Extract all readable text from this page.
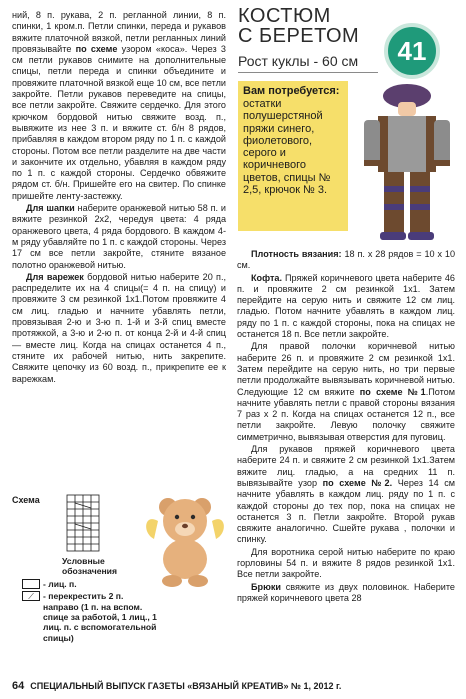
ний, 8 п. рукава, 2 п. регланной линии, 8 п. спинки, 1 кром.п. Петли спинки, переда и рукавов вяжите платочной вязкой, петли регланных линий провязывайте по схеме узором «коса». Через 3 см петли рукавов снимите на дополнительные спицы, петли переда и спинки объедините и провяжите платочной вязкой еще 10 см, все петли закройте. Петли рукавов переведите на спицы, все петли закройте. Свяжите сердечко. Для этого крючком бордовой нитью свяжите возд. п., вывяжите из нее 3 п. и вяжите ст. б/н 8 рядов, прибавляя в каждом втором ряду по 1 п. с каждой стороны. Потом все петли разделите на две части и закончите их отдельно, убавляя в каждом ряду по 1 п. с каждой стороны. Сердечко обвяжите рядом ст. б/н. Пришейте его на свитер. По спинке пришейте ленту-застежку.

Для шапки наберите оранжевой нитью 58 п. и вяжите резинкой 2х2, чередуя цвета: 4 ряда оранжевого цвета, 4 ряда бордового. В каждом 4-м ряду убавляйте по 1 п. с каждой стороны. Через 17 см все петли закройте, стяните вязаное полотно оранжевой нитью.

Для варежек бордовой нитью наберите 20 п., распределите их на 4 спицы(= 4 п. на спицу) и провяжите 3 см резинкой 1х1.Потом провяжите 4 см лиц. гладью и начните убавлять петли, провязывая 2-ю и 3-ю п. 1-й и 3-й спиц вместе протяжкой, а 3-ю и 2-ю п. от конца 2-й и 4-й спиц — вместе лиц. Когда на спицах останется 4 п., стяните их рабочей нитью, нить закрепите. Свяжите цепочку из 60 возд. п., прикрепите ее к варежкам.

КОСТЮМ
С БЕРЕТОМ
Рост куклы - 60 см	41
Вам потребуется:
остатки полушерстяной пряжи синего, фиолетового, серого и коричневого цветов, спицы № 2,5, крючок № 3.

Плотность вязания: 18 п. x 28 рядов = 10 x 10 см.

Кофта. Пряжей коричневого цвета наберите 46 п. и провяжите 2 см резинкой 1х1. Затем перейдите на серую нить и свяжите 12 см лиц. гладью. Потом начните убавлять в каждом лиц. ряду по 1 п. с каждой стороны, пока на спицах не останется 18 п. Все петли закройте.

Для правой полочки коричневой нитью наберите 26 п. и провяжите 2 см резинкой 1х1. Затем перейдите на серую нить, но три первые петли продолжайте вывязывать коричневой нитью. Следующие 12 см вяжите по схеме №1.Потом начните убавлять петли с правой стороны вязания 7 раз x 2 п. Когда на спицах останется 12 п., все петли закройте. Левую полочку свяжите симметрично, вывязывая отверстия для пуговиц.

Для рукавов пряжей коричневого цвета наберите 24 п. и свяжите 2 см резинкой 1х1.Затем вяжите лиц. гладью, а на средних 11 п. вывязывайте узор по схеме №2. Через 14 см начните убавлять в каждом лиц. ряду по 1 п. с каждой стороны до тех пор, пока на спицах не останется 3 п. Петли закройте. Второй рукав свяжите аналогично. Сшейте рукава , полочки и спинку.

Для воротника серой нитью наберите по краю горловины 54 п. и вяжите 8 рядов резинкой 1х1. Все петли закройте.

Брюки свяжите из двух половинок. Наберите пряжей коричневого цвета 28

Схема
Условные обозначения
- лиц. п.
⟋	- перекрестить 2 п. направо (1 п. на вспом. спице за работой, 1 лиц., 1 лиц. п. с вспомогательной спицы)
64 СПЕЦИАЛЬНЫЙ ВЫПУСК ГАЗЕТЫ «ВЯЗАНЫЙ КРЕАТИВ» № 1, 2012 г.
